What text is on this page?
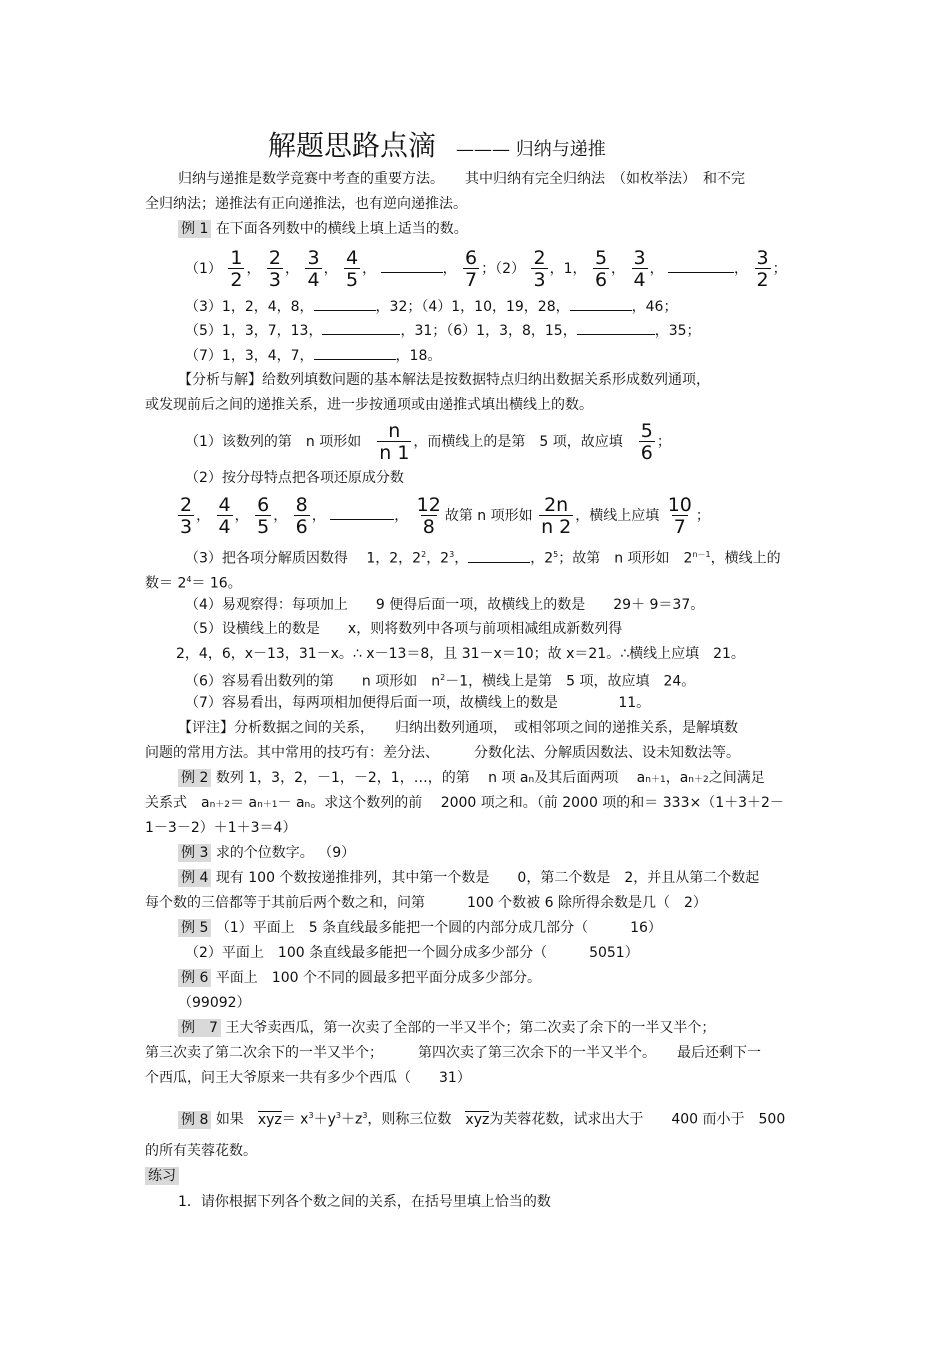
解题思路点滴 ——— 归纳与递推
归纳与递推是数学竞赛中考查的重要方法。　　其中归纳有完全归纳法　（如枚举法）　和不完
全归纳法；递推法有正向递推法，也有逆向递推法。
例 1 在下面各列数中的横线上填上适当的数。
$(1) \frac{1}{2}$ ， $\frac{2}{3}$ ， $\frac{3}{4}$ ， $\frac{4}{5}$ ，	， $\frac{6}{7}$ ；$(2) \frac{2}{3}$ ，1， $\frac{5}{6}$ ， $\frac{3}{4}$ ，	， $\frac{3}{2}$ ；
（3）1，2，4，8，	，32；（4）1，10，19，28，	，46；
（5）1，3，7，13，	，31；（6）1，3，8，15，	，35；
（7）1，3，4，7，	，18。
【分析与解】给数列填数问题的基本解法是按数据特点归纳出数据关系形成数列通项，
或发现前后之间的递推关系，进一步按通项或由递推式填出横线上的数。
（1）该数列的第　n 项形如　 $\frac{n}{n 1}$ ，而横线上的是第　5 项，故应填　 $\frac{5}{6}$ ；
（2）按分母特点把各项还原成分数
$\frac{2}{3}$ ， $\frac{4}{4}$ ， $\frac{6}{5}$ ， $\frac{8}{6}$ ，	， $\frac{12}{8}$ 故第 n 项形如 $\frac{2n}{n 2}$ ，横线上应填 $\frac{10}{7}$ ；
（3）把各项分解质因数得　 1，2，$2^2$，$2^3$，	，$2^5$；故第　n 项形如　$2^{n-1}$，横线上的
数＝ $2^4= 16$。
（4）易观察得：每项加上　　9 便得后面一项，故横线上的数是　　29＋ 9＝37。
（5）设横线上的数是　　x，则将数列中各项与前项相减组成新数列得
2，4，6，x－13，31－x。∴ x－13＝8，且 31－x＝10；故 x＝21。∴横线上应填　21。
（6）容易看出数列的第　　n 项形如　$n^2-1$，横线上是第　5 项，故应填　24。
（7）容易看出，每两项相加便得后面一项，故横线上的数是　　　　 11。
【评注】分析数据之间的关系，　　归纳出数列通项，　或相邻项之间的递推关系，是解填数
问题的常用方法。其中常用的技巧有：差分法、　　　分数化法、分解质因数法、设未知数法等。
例 2 数列 1，3，2，－1，－2，1，…，的第　 n 项 an及其后面两项　 an＋1，an＋2之间满足
关系式　an＋2＝ an＋1－ an。求这个数列的前　 2000 项之和。（前 2000 项的和＝ 333×（1＋3＋2－
1－3－2）＋1＋3＝4）
例 3 求的个位数字。 （9）
例 4 现有 100 个数按递推排列，其中第一个数是　　0，第二个数是　2，并且从第二个数起
每个数的三倍都等于其前后两个数之和，问第　　　100 个数被 6 除所得余数是几（　2）
例 5 （1）平面上　5 条直线最多能把一个圆的内部分成几部分（　　　16）
（2）平面上　100 条直线最多能把一个圆分成多少部分（　　　5051）
例 6 平面上　100 个不同的圆最多把平面分成多少部分。
（99092）
例　7 王大爷卖西瓜，第一次卖了全部的一半又半个；第二次卖了余下的一半又半个；
第三次卖了第二次余下的一半又半个；　　　第四次卖了第三次余下的一半又半个。　　最后还剩下一
个西瓜，问王大爷原来一共有多少个西瓜（　　31）
例 8 如果　 $xyz= x^3+y^3+z^3$，则称三位数　 xyz为芙蓉花数，试求出大于　　400 而小于　500
的所有芙蓉花数。
练习
1．请你根据下列各个数之间的关系，在括号里填上恰当的数
